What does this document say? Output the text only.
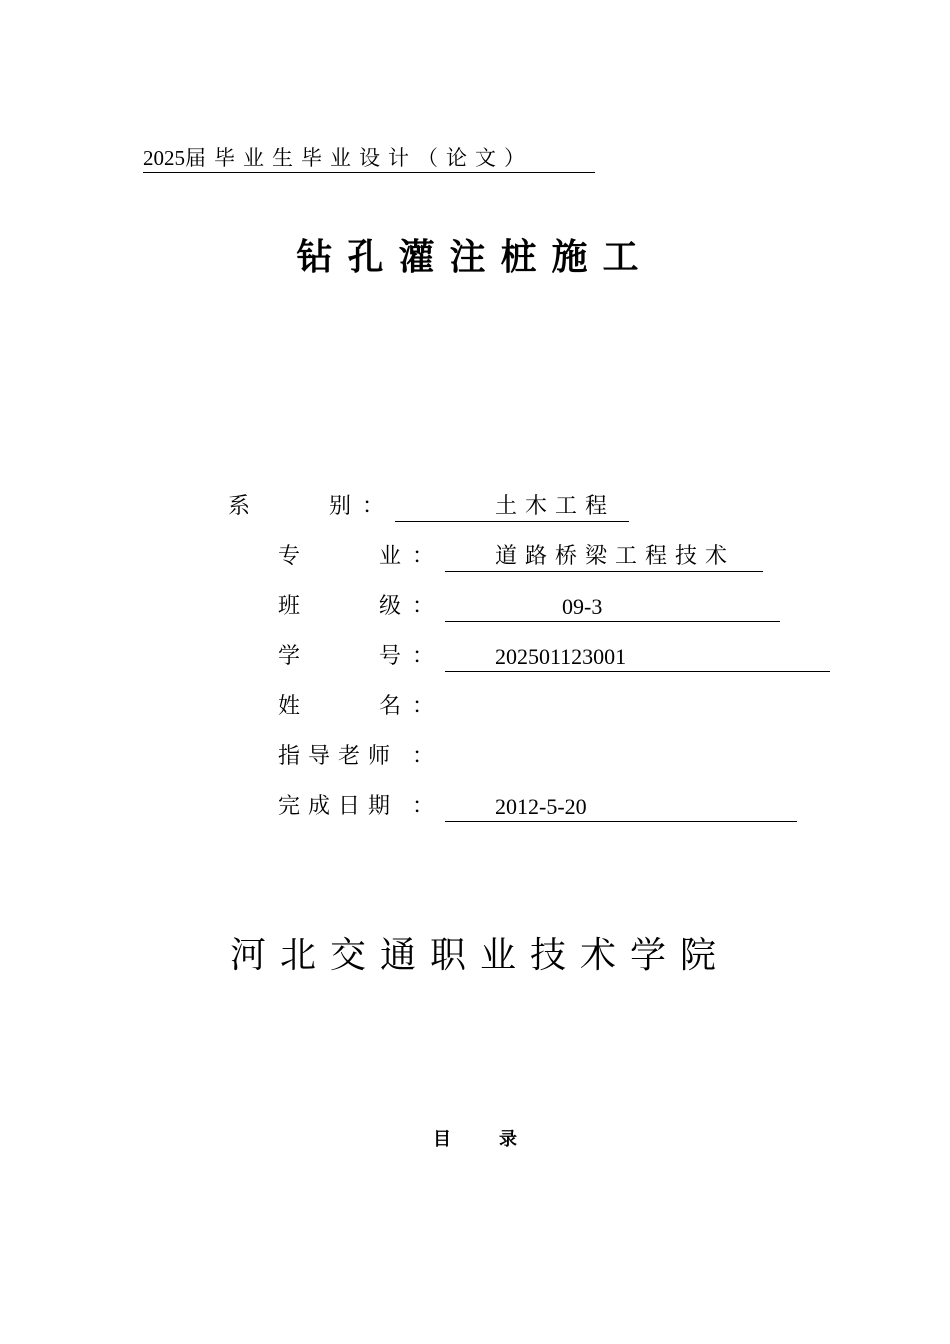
2025届毕业生毕业设计（论文）
钻孔灌注桩施工
系	别 ：	土木工程
专	业 ：	道路桥梁工程技术
班	级 ：	09-3
学	号 ：	202501123001
姓	名 ：
指导老师 ：
完成日期 ：	2012-5-20
河北交通职业技术学院
目录
